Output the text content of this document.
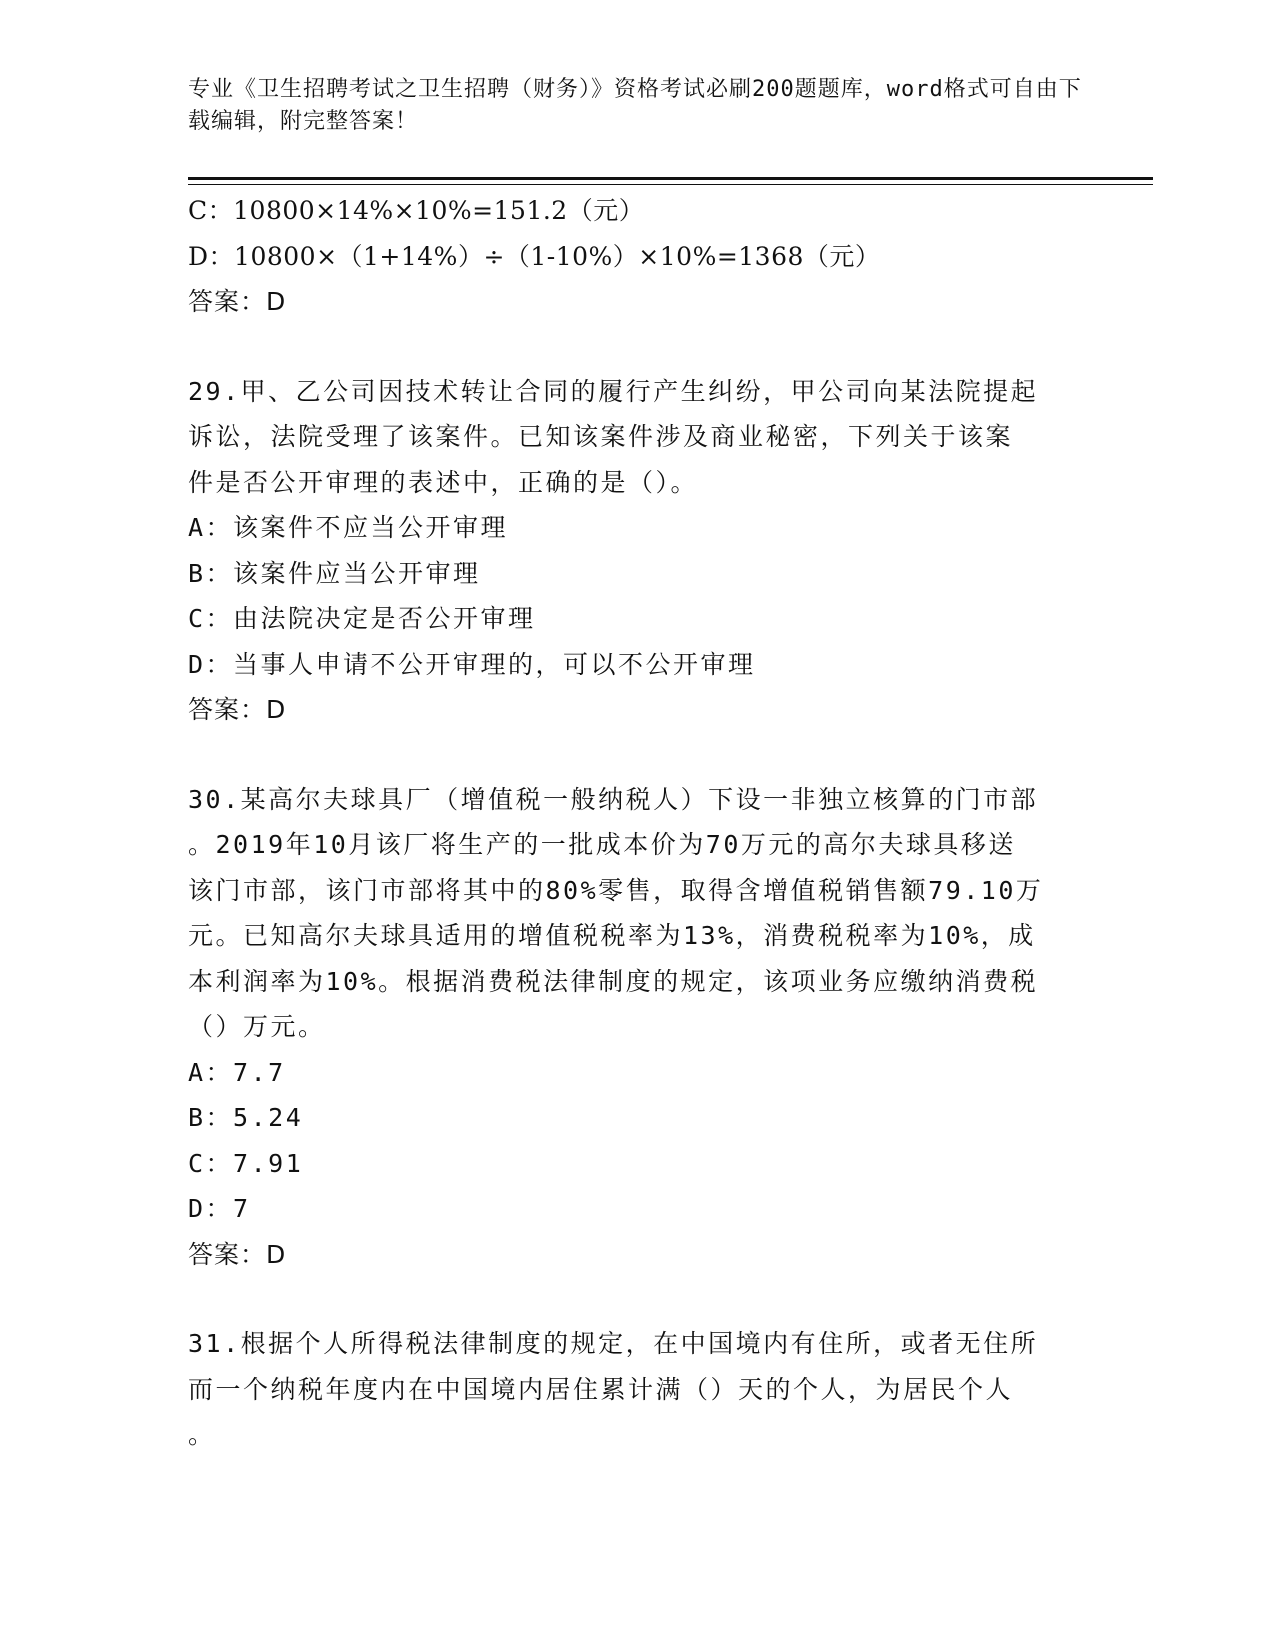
专业《卫生招聘考试之卫生招聘（财务）》资格考试必刷200题题库，word格式可自由下载编辑，附完整答案！
C：10800×14%×10%=151.2（元）
D：10800×（1+14%）÷（1-10%）×10%=1368（元）
答案：D
29.甲、乙公司因技术转让合同的履行产生纠纷，甲公司向某法院提起
诉讼，法院受理了该案件。已知该案件涉及商业秘密，下列关于该案
件是否公开审理的表述中，正确的是（）。
A：该案件不应当公开审理
B：该案件应当公开审理
C：由法院决定是否公开审理
D：当事人申请不公开审理的，可以不公开审理
答案：D
30.某高尔夫球具厂（增值税一般纳税人）下设一非独立核算的门市部
。2019年10月该厂将生产的一批成本价为70万元的高尔夫球具移送
该门市部，该门市部将其中的80%零售，取得含增值税销售额79.10万
元。已知高尔夫球具适用的增值税税率为13%，消费税税率为10%，成
本利润率为10%。根据消费税法律制度的规定，该项业务应缴纳消费税
（）万元。
A：7.7
B：5.24
C：7.91
D：7
答案：D
31.根据个人所得税法律制度的规定，在中国境内有住所，或者无住所
而一个纳税年度内在中国境内居住累计满（）天的个人，为居民个人
。
